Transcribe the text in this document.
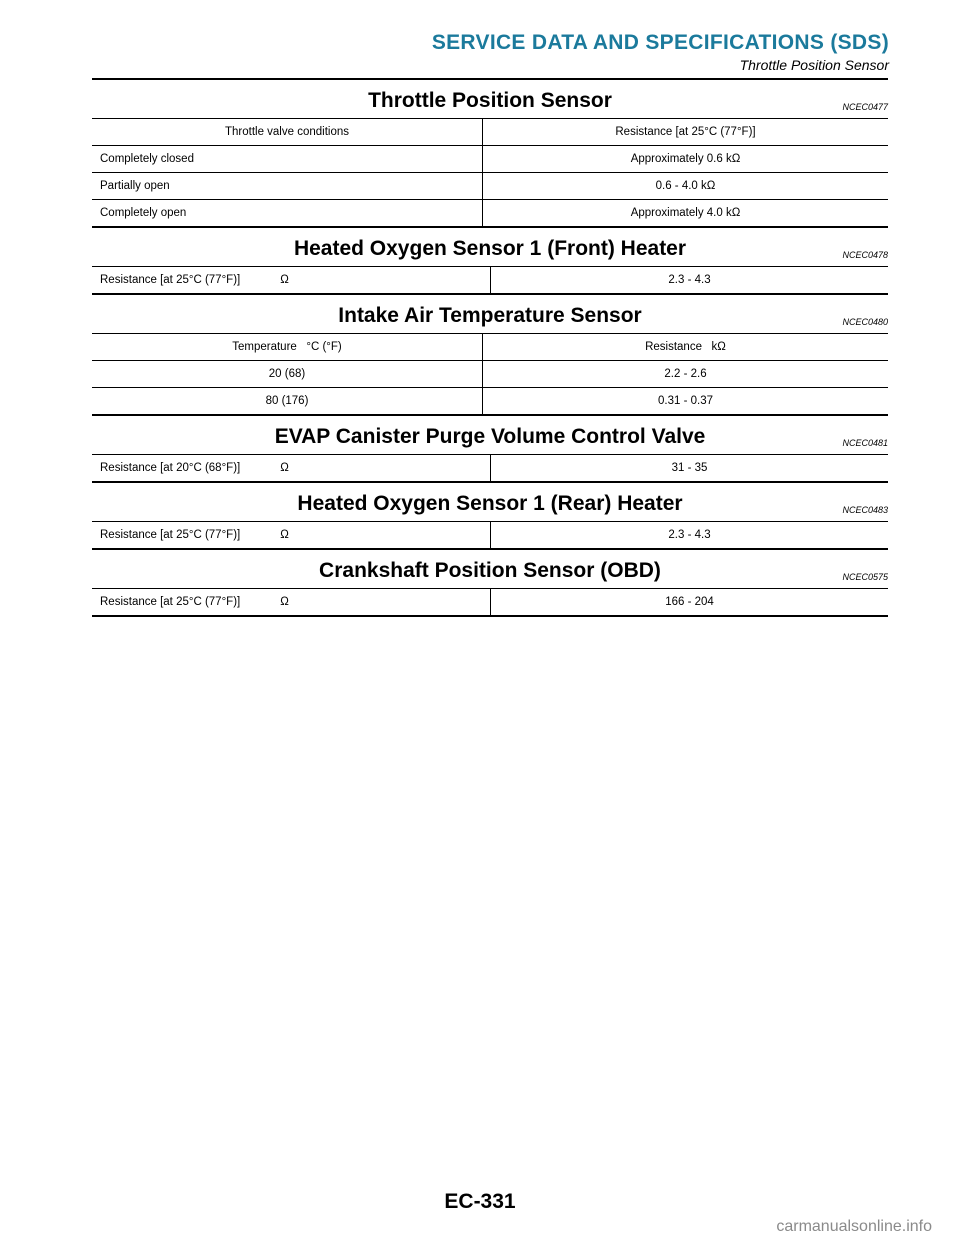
SERVICE DATA AND SPECIFICATIONS (SDS)
Throttle Position Sensor
Throttle Position Sensor	NCEC0477
Throttle valve conditions	Resistance [at 25°C (77°F)]
Completely closed	Approximately 0.6 kΩ
Partially open	0.6 - 4.0 kΩ
Completely open	Approximately 4.0 kΩ
Heated Oxygen Sensor 1 (Front) Heater	NCEC0478
Resistance [at 25°C (77°F)]	Ω	2.3 - 4.3
Intake Air Temperature Sensor	NCEC0480
Temperature   °C (°F)	Resistance   kΩ
20 (68)	2.2 - 2.6
80 (176)	0.31 - 0.37
EVAP Canister Purge Volume Control Valve	NCEC0481
Resistance [at 20°C (68°F)]	Ω	31 - 35
Heated Oxygen Sensor 1 (Rear) Heater	NCEC0483
Resistance [at 25°C (77°F)]	Ω	2.3 - 4.3
Crankshaft Position Sensor (OBD)	NCEC0575
Resistance [at 25°C (77°F)]	Ω	166 - 204
EC-331
carmanualsonline.info
